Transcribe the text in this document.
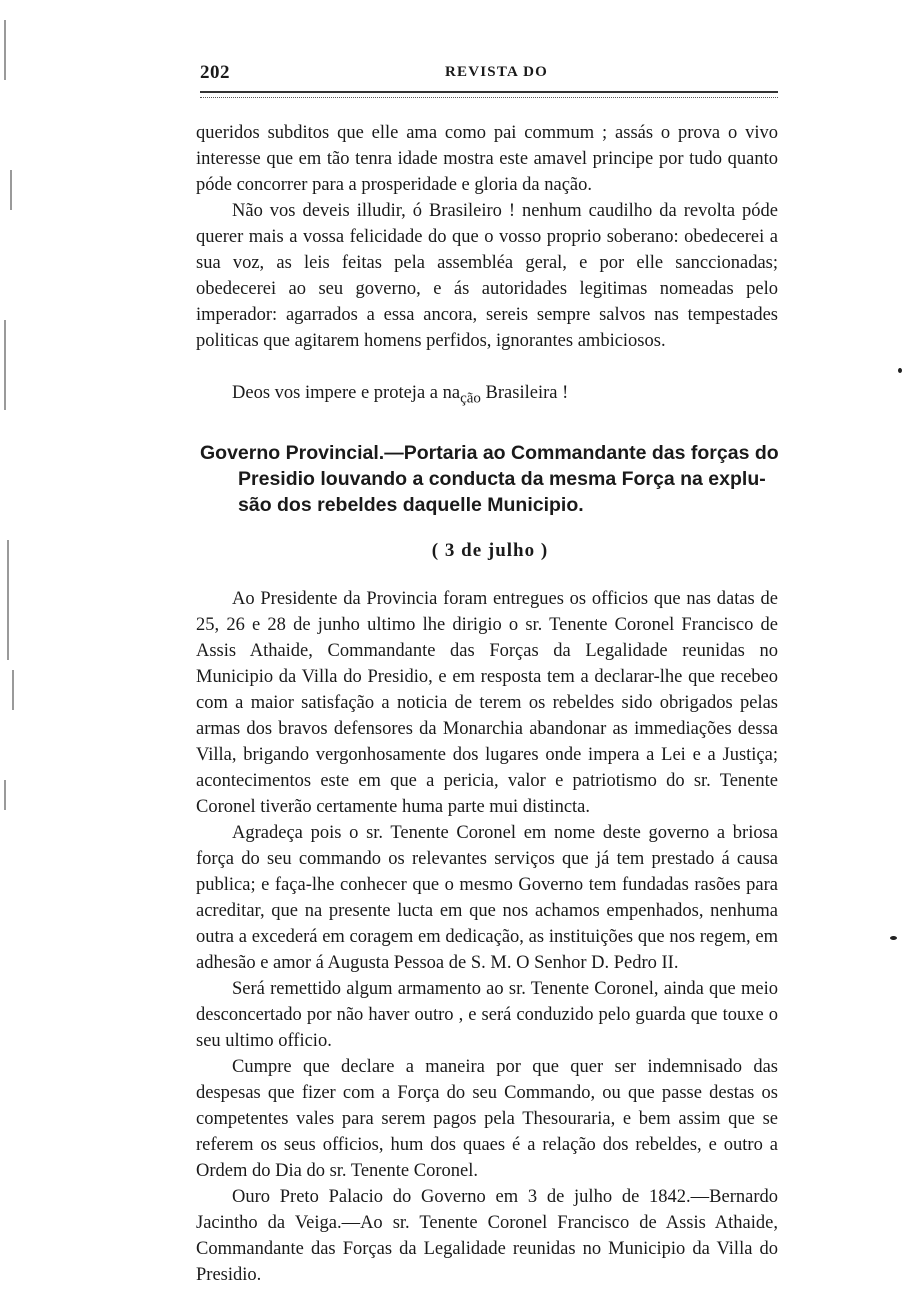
202	REVISTA DO

queridos subditos que elle ama como pai commum ; assás o prova o vivo interesse que em tão tenra idade mostra este amavel principe por tudo quanto póde concorrer para a prosperidade e gloria da nação.

Não vos deveis illudir, ó Brasileiro ! nenhum caudilho da revolta póde querer mais a vossa felicidade do que o vosso proprio soberano: obedecerei a sua voz, as leis feitas pela assembléa geral, e por elle sanccionadas; obedecerei ao seu governo, e ás autoridades legitimas nomeadas pelo imperador: agarrados a essa ancora, sereis sempre salvos nas tempestades politicas que agitarem homens perfidos, ignorantes ambiciosos.

Deos vos impere e proteja a $na_{ção}$ Brasileira !

Governo Provincial.—Portaria ao Commandante das forças do
Presidio louvando a conducta da mesma Força na explu-
são dos rebeldes daquelle Municipio.
( 3 de julho )

Ao Presidente da Provincia foram entregues os officios que nas datas de 25, 26 e 28 de junho ultimo lhe dirigio o sr. Tenente Coronel Francisco de Assis Athaide, Commandante das Forças da Legalidade reunidas no Municipio da Villa do Presidio, e em resposta tem a declarar-lhe que recebeo com a maior satisfação a noticia de terem os rebeldes sido obrigados pelas armas dos bravos defensores da Monarchia abandonar as immediações dessa Villa, brigando vergonhosamente dos lugares onde impera a Lei e a Justiça; acontecimentos este em que a pericia, valor e patriotismo do sr. Tenente Coronel tiverão certamente huma parte mui distincta.

Agradeça pois o sr. Tenente Coronel em nome deste governo a briosa força do seu commando os relevantes serviços que já tem prestado á causa publica; e faça-lhe conhecer que o mesmo Governo tem fundadas rasões para acreditar, que na presente lucta em que nos achamos empenhados, nenhuma outra a excederá em coragem em dedicação, as instituições que nos regem, em adhesão e amor á Augusta Pessoa de S. M. O Senhor D. Pedro II.

Será remettido algum armamento ao sr. Tenente Coronel, ainda que meio desconcertado por não haver outro , e será conduzido pelo guarda que touxe o seu ultimo officio.

Cumpre que declare a maneira por que quer ser indemnisado das despesas que fizer com a Força do seu Commando, ou que passe destas os competentes vales para serem pagos pela Thesouraria, e bem assim que se referem os seus officios, hum dos quaes é a relação dos rebeldes, e outro a Ordem do Dia do sr. Tenente Coronel.

Ouro Preto Palacio do Governo em 3 de julho de 1842.—Bernardo Jacintho da Veiga.—Ao sr. Tenente Coronel Francisco de Assis Athaide, Commandante das Forças da Legalidade reunidas no Municipio da Villa do Presidio.
